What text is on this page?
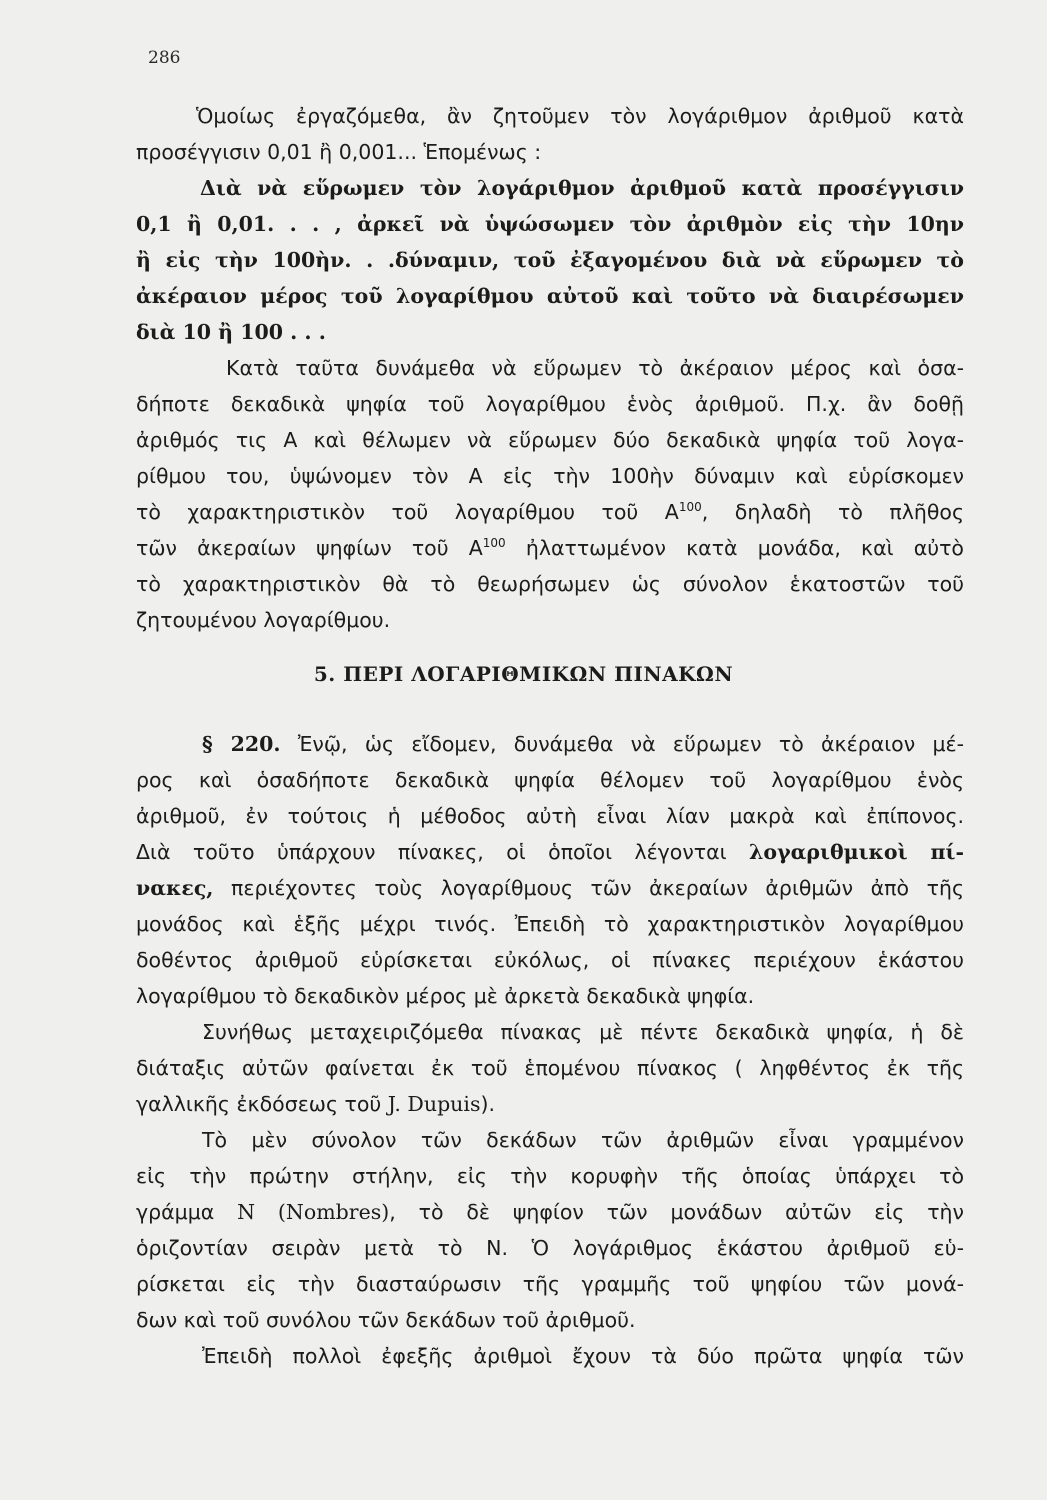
286
Ὁμοίως ἐργαζόμεθα, ἂν ζητοῦμεν τὸν λογάριθμον ἀριθμοῦ κατὰ
προσέγγισιν 0,01 ἢ 0,001... Ἑπομένως :
Διὰ νὰ εὕρωμεν τὸν λογάριθμον ἀριθμοῦ κατὰ προσέγγισιν
0,1 ἢ 0,01. . . , ἀρκεῖ νὰ ὑψώσωμεν τὸν ἀριθμὸν εἰς τὴν 10ην
ἢ εἰς τὴν 100ὴν. . .δύναμιν, τοῦ ἐξαγομένου διὰ νὰ εὕρωμεν τὸ
ἀκέραιον μέρος τοῦ λογαρίθμου αὐτοῦ καὶ τοῦτο νὰ διαιρέσωμεν
διὰ 10 ἢ 100 . . .
Κατὰ ταῦτα δυνάμεθα νὰ εὕρωμεν τὸ ἀκέραιον μέρος καὶ ὁσα-
δήποτε δεκαδικὰ ψηφία τοῦ λογαρίθμου ἑνὸς ἀριθμοῦ. Π.χ. ἂν δοθῇ
ἀριθμός τις Α καὶ θέλωμεν νὰ εὕρωμεν δύο δεκαδικὰ ψηφία τοῦ λογα-
ρίθμου του, ὑψώνομεν τὸν Α εἰς τὴν 100ὴν δύναμιν καὶ εὑρίσκομεν
τὸ χαρακτηριστικὸν τοῦ λογαρίθμου τοῦ $A^{100}$, δηλαδὴ τὸ πλῆθος
τῶν ἀκεραίων ψηφίων τοῦ $A^{100}$ ἠλαττωμένον κατὰ μονάδα, καὶ αὐτὸ
τὸ χαρακτηριστικὸν θὰ τὸ θεωρήσωμεν ὡς σύνολον ἑκατοστῶν τοῦ
ζητουμένου λογαρίθμου.
5. ΠΕΡΙ ΛΟΓΑΡΙΘΜΙΚΩΝ ΠΙΝΑΚΩΝ
§ 220. Ἐνῷ, ὡς εἴδομεν, δυνάμεθα νὰ εὕρωμεν τὸ ἀκέραιον μέ-
ρος καὶ ὁσαδήποτε δεκαδικὰ ψηφία θέλομεν τοῦ λογαρίθμου ἑνὸς
ἀριθμοῦ, ἐν τούτοις ἡ μέθοδος αὐτὴ εἶναι λίαν μακρὰ καὶ ἐπίπονος.
Διὰ τοῦτο ὑπάρχουν πίνακες, οἱ ὁποῖοι λέγονται λογαριθμικοὶ πί-
νακες, περιέχοντες τοὺς λογαρίθμους τῶν ἀκεραίων ἀριθμῶν ἀπὸ τῆς
μονάδος καὶ ἑξῆς μέχρι τινός. Ἐπειδὴ τὸ χαρακτηριστικὸν λογαρίθμου
δοθέντος ἀριθμοῦ εὑρίσκεται εὐκόλως, οἱ πίνακες περιέχουν ἑκάστου
λογαρίθμου τὸ δεκαδικὸν μέρος μὲ ἀρκετὰ δεκαδικὰ ψηφία.
Συνήθως μεταχειριζόμεθα πίνακας μὲ πέντε δεκαδικὰ ψηφία, ἡ δὲ
διάταξις αὐτῶν φαίνεται ἐκ τοῦ ἑπομένου πίνακος ( ληφθέντος ἐκ τῆς
γαλλικῆς ἐκδόσεως τοῦ J. Dupuis).
Τὸ μὲν σύνολον τῶν δεκάδων τῶν ἀριθμῶν εἶναι γραμμένον
εἰς τὴν πρώτην στήλην, εἰς τὴν κορυφὴν τῆς ὁποίας ὑπάρχει τὸ
γράμμα N (Nombres), τὸ δὲ ψηφίον τῶν μονάδων αὐτῶν εἰς τὴν
ὁριζοντίαν σειρὰν μετὰ τὸ Ν. Ὁ λογάριθμος ἑκάστου ἀριθμοῦ εὑ-
ρίσκεται εἰς τὴν διασταύρωσιν τῆς γραμμῆς τοῦ ψηφίου τῶν μονά-
δων καὶ τοῦ συνόλου τῶν δεκάδων τοῦ ἀριθμοῦ.
Ἐπειδὴ πολλοὶ ἐφεξῆς ἀριθμοὶ ἔχουν τὰ δύο πρῶτα ψηφία τῶν
